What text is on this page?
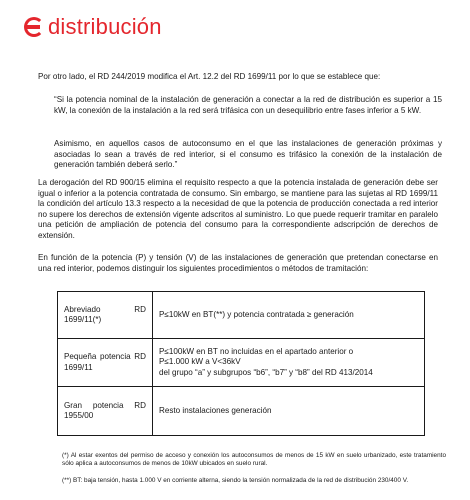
distribución

Por otro lado, el RD 244/2019 modifica el Art. 12.2 del RD 1699/11 por lo que se establece que:

“Si la potencia nominal de la instalación de generación a conectar a la red de distribución es superior a 15 kW, la conexión de la instalación a la red será trifásica con un desequilibrio entre fases inferior a 5 kW.

Asimismo, en aquellos casos de autoconsumo en el que las instalaciones de generación próximas y asociadas lo sean a través de red interior, si el consumo es trifásico la conexión de la instalación de generación también deberá serlo.”

La derogación del RD 900/15 elimina el requisito respecto a que la potencia instalada de generación debe ser igual o inferior a la potencia contratada de consumo. Sin embargo, se mantiene para las sujetas al RD 1699/11 la condición del artículo 13.3 respecto a la necesidad de que la potencia de producción conectada a red interior no supere los derechos de extensión vigente adscritos al suministro. Lo que puede requerir tramitar en paralelo una petición de ampliación de potencia del consumo para la correspondiente adscripción de derechos de extensión.

En función de la potencia (P) y tensión (V) de las instalaciones de generación que pretendan conectarse en una red interior, podemos distinguir los siguientes procedimientos o métodos de tramitación:

Abreviado RD 1699/11(*)	P≤10kW en BT(**) y potencia contratada ≥ generación
Pequeña potencia RD 1699/11	P≤100kW en BT no incluidas en el apartado anterior o
P≤1.000 kW a V<36kV
del grupo “a” y subgrupos “b6”, “b7” y “b8” del RD 413/2014

Gran potencia RD 1955/00	Resto instalaciones generación

(*) Al estar exentos del permiso de acceso y conexión los autoconsumos de menos de 15 kW en suelo urbanizado, este tratamiento sólo aplica a autoconsumos de menos de 10kW ubicados en suelo rural.

(**) BT: baja tensión, hasta 1.000 V en corriente alterna, siendo la tensión normalizada de la red de distribución 230/400 V.
